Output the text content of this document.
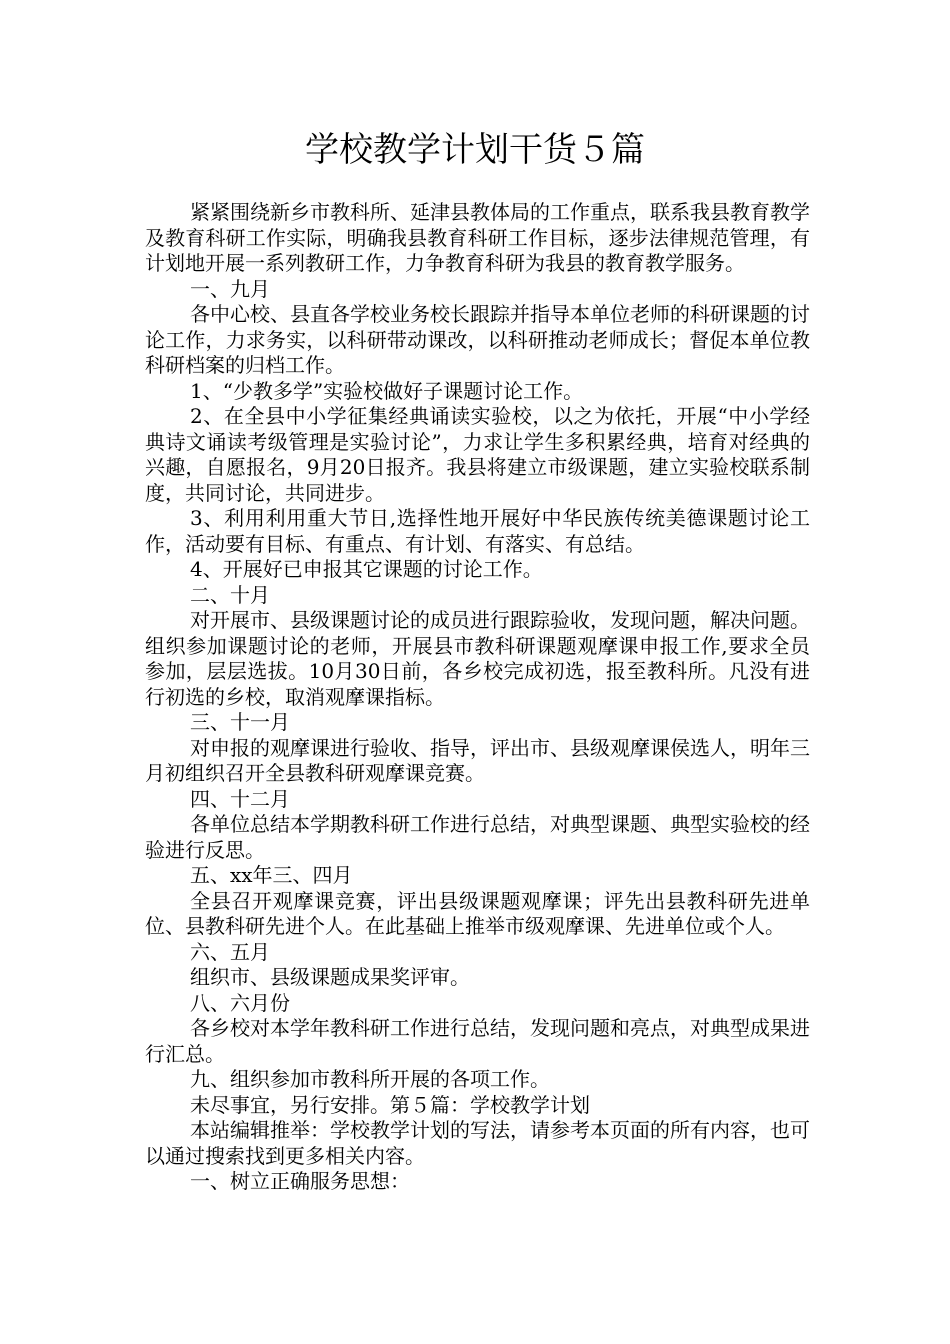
学校教学计划干货５篇

紧紧围绕新乡市教科所、延津县教体局的工作重点，联系我县教育教学及教育科研工作实际，明确我县教育科研工作目标，逐步法律规范管理，有计划地开展一系列教研工作，力争教育科研为我县的教育教学服务。

一、九月

各中心校、县直各学校业务校长跟踪并指导本单位老师的科研课题的讨论工作，力求务实，以科研带动课改，以科研推动老师成长；督促本单位教科研档案的归档工作。

1、“少教多学”实验校做好子课题讨论工作。

2、在全县中小学征集经典诵读实验校，以之为依托，开展“中小学经典诗文诵读考级管理是实验讨论”，力求让学生多积累经典，培育对经典的兴趣，自愿报名，9月20日报齐。我县将建立市级课题，建立实验校联系制度，共同讨论，共同进步。

3、利用利用重大节日,选择性地开展好中华民族传统美德课题讨论工作，活动要有目标、有重点、有计划、有落实、有总结。

4、开展好已申报其它课题的讨论工作。

二、十月

对开展市、县级课题讨论的成员进行跟踪验收，发现问题，解决问题。组织参加课题讨论的老师，开展县市教科研课题观摩课申报工作,要求全员参加，层层选拔。10月30日前，各乡校完成初选，报至教科所。凡没有进行初选的乡校，取消观摩课指标。

三、十一月

对申报的观摩课进行验收、指导，评出市、县级观摩课侯选人，明年三月初组织召开全县教科研观摩课竞赛。

四、十二月

各单位总结本学期教科研工作进行总结，对典型课题、典型实验校的经验进行反思。

五、xx年三、四月

全县召开观摩课竞赛，评出县级课题观摩课；评先出县教科研先进单位、县教科研先进个人。在此基础上推举市级观摩课、先进单位或个人。

六、五月

组织市、县级课题成果奖评审。

八、六月份

各乡校对本学年教科研工作进行总结，发现问题和亮点，对典型成果进行汇总。

九、组织参加市教科所开展的各项工作。

未尽事宜，另行安排。第５篇：学校教学计划

本站编辑推举：学校教学计划的写法，请参考本页面的所有内容，也可以通过搜索找到更多相关内容。

一、树立正确服务思想：
